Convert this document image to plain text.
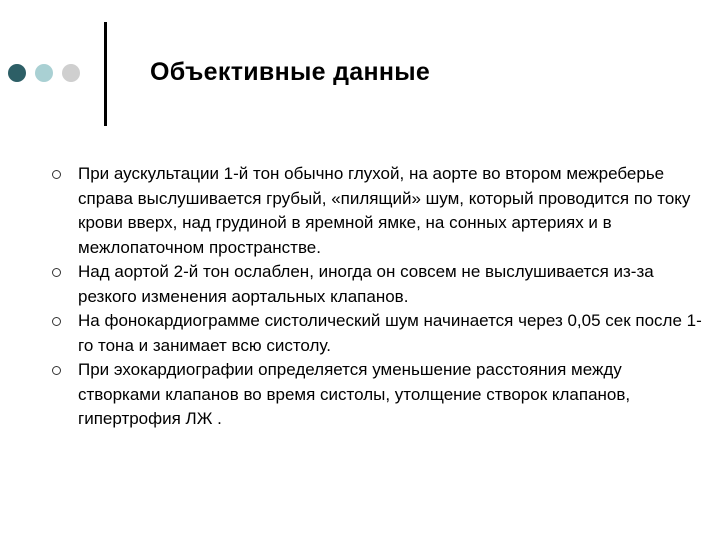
Объективные данные
При аускультации 1-й тон обычно глухой, на аорте во втором межреберье справа выслушивается грубый, «пилящий» шум, который проводится по току крови вверх, над грудиной в яремной ямке, на сонных артериях и в межлопаточном пространстве.
Над аортой 2-й тон ослаблен, иногда он совсем не выслушивается из-за резкого изменения аортальных клапанов.
На фонокардиограмме систолический шум начинается через 0,05 сек после 1-го тона и занимает всю систолу.
При эхокардиографии определяется уменьшение расстояния между створками клапанов во время систолы, утолщение створок клапанов, гипертрофия ЛЖ .
